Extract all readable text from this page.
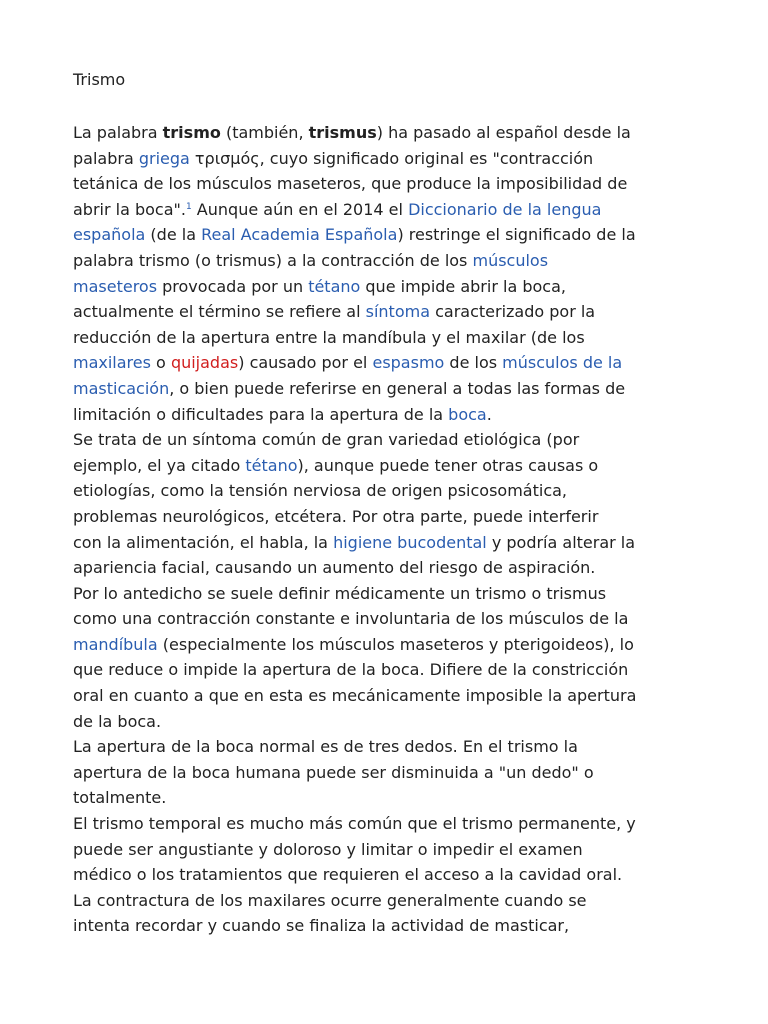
Trismo
La palabra trismo (también, trismus) ha pasado al español desde la
palabra griega τρισμός, cuyo significado original es "contracción
tetánica de los músculos maseteros, que produce la imposibilidad de
abrir la boca".$^1$ Aunque aún en el 2014 el Diccionario de la lengua
española (de la Real Academia Española) restringe el significado de la
palabra trismo (o trismus) a la contracción de los músculos
maseteros provocada por un tétano que impide abrir la boca,
actualmente el término se refiere al síntoma caracterizado por la
reducción de la apertura entre la mandíbula y el maxilar (de los
maxilares o quijadas) causado por el espasmo de los músculos de la
masticación, o bien puede referirse en general a todas las formas de
limitación o dificultades para la apertura de la boca.
Se trata de un síntoma común de gran variedad etiológica (por
ejemplo, el ya citado tétano), aunque puede tener otras causas o
etiologías, como la tensión nerviosa de origen psicosomática,
problemas neurológicos, etcétera. Por otra parte, puede interferir
con la alimentación, el habla, la higiene bucodental y podría alterar la
apariencia facial, causando un aumento del riesgo de aspiración.
Por lo antedicho se suele definir médicamente un trismo o trismus
como una contracción constante e involuntaria de los músculos de la
mandíbula (especialmente los músculos maseteros y pterigoideos), lo
que reduce o impide la apertura de la boca. Difiere de la constricción
oral en cuanto a que en esta es mecánicamente imposible la apertura
de la boca.
La apertura de la boca normal es de tres dedos. En el trismo la
apertura de la boca humana puede ser disminuida a "un dedo" o
totalmente.
El trismo temporal es mucho más común que el trismo permanente, y
puede ser angustiante y doloroso y limitar o impedir el examen
médico o los tratamientos que requieren el acceso a la cavidad oral.
La contractura de los maxilares ocurre generalmente cuando se
intenta recordar y cuando se finaliza la actividad de masticar,
